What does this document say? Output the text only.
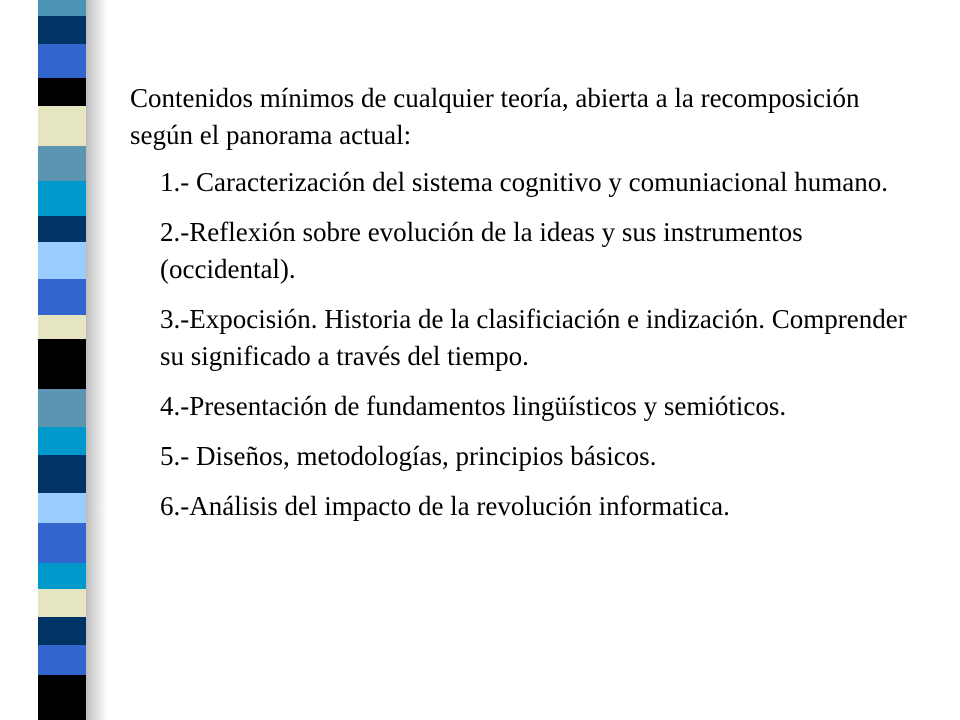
Contenidos mínimos de cualquier teoría, abierta a la recomposición según el panorama actual:

1.- Caracterización del sistema cognitivo y comuniacional humano.
2.-Reflexión sobre evolución de la ideas y sus instrumentos (occidental).
3.-Expocisión. Historia de la clasificiación e indización. Comprender su significado a través del tiempo.
4.-Presentación de fundamentos lingüísticos y semióticos.
5.- Diseños, metodologías, principios básicos.
6.-Análisis del impacto de la revolución informatica.
